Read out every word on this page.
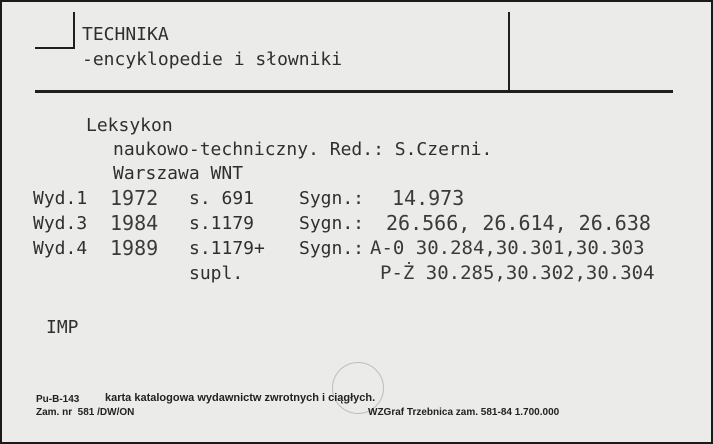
TECHNIKA
-encyklopedie i słowniki
Leksykon
naukowo-techniczny. Red.: S.Czerni.
Warszawa WNT
Wyd.1 1972 s. 691 Sygn.: 14.973
Wyd.3 1984 s.1179 Sygn.: 26.566, 26.614, 26.638
Wyd.4 1989 s.1179+ Sygn.: A-0 30.284,30.301,30.303
supl.	P-Ż 30.285,30.302,30.304
IMP
Pu-B-143 karta katalogowa wydawnictw zwrotnych i ciągłych.
Zam. nr  581 /DW/ON	WZGraf Trzebnica zam. 581-84 1.700.000
